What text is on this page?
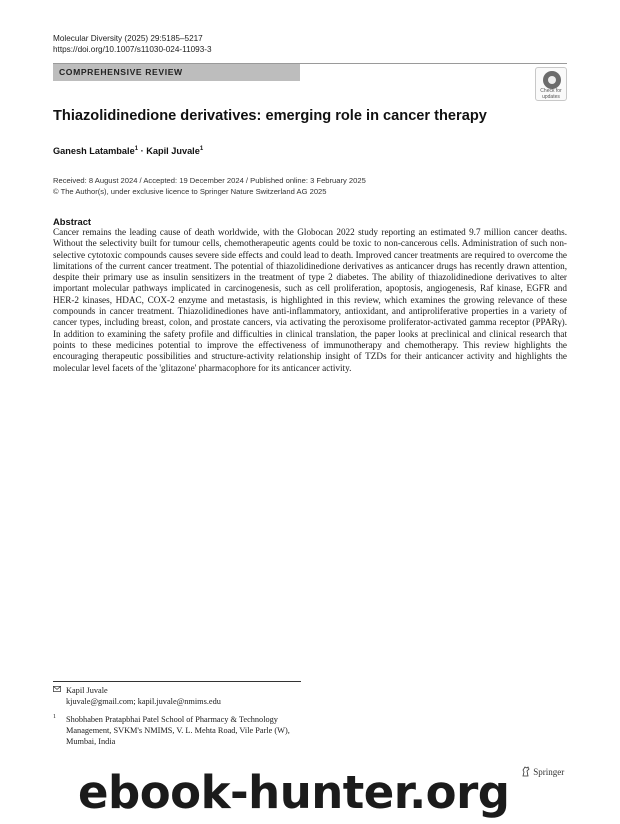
Molecular Diversity (2025) 29:5185–5217
https://doi.org/10.1007/s11030-024-11093-3
COMPREHENSIVE REVIEW
Check for
updates
Thiazolidinedione derivatives: emerging role in cancer therapy
Ganesh Latambale$^1$ · Kapil Juvale$^1$
Received: 8 August 2024 / Accepted: 19 December 2024 / Published online: 3 February 2025
© The Author(s), under exclusive licence to Springer Nature Switzerland AG 2025
Abstract

Cancer remains the leading cause of death worldwide, with the Globocan 2022 study reporting an estimated 9.7 million cancer deaths. Without the selectivity built for tumour cells, chemotherapeutic agents could be toxic to non-cancerous cells. Administration of such non-selective cytotoxic compounds causes severe side effects and could lead to death. Improved cancer treatments are required to overcome the limitations of the current cancer treatment. The potential of thiazolidinedione derivatives as anticancer drugs has recently drawn attention, despite their primary use as insulin sensitizers in the treatment of type 2 diabetes. The ability of thiazolidinedione derivatives to alter important molecular pathways implicated in carcinogenesis, such as cell proliferation, apoptosis, angiogenesis, Raf kinase, EGFR and HER-2 kinases, HDAC, COX-2 enzyme and metastasis, is highlighted in this review, which examines the growing relevance of these compounds in cancer treatment. Thiazolidinediones have anti-inflammatory, antioxidant, and antiproliferative properties in a variety of cancer types, including breast, colon, and prostate cancers, via activating the peroxisome proliferator-activated gamma receptor (PPARγ). In addition to examining the safety profile and difficulties in clinical translation, the paper looks at preclinical and clinical research that points to these medicines potential to improve the effectiveness of immunotherapy and chemotherapy. This review highlights the encouraging therapeutic possibilities and structure-activity relationship insight of TZDs for their anticancer activity and highlights the molecular level facets of the 'glitazone' pharmacophore for its anticancer activity.

Kapil Juvale
kjuvale@gmail.com; kapil.juvale@nmims.edu
1 Shobhaben Pratapbhai Patel School of Pharmacy & Technology Management, SVKM's NMIMS, V. L. Mehta Road, Vile Parle (W), Mumbai, India
Springer
ebook-hunter.org
